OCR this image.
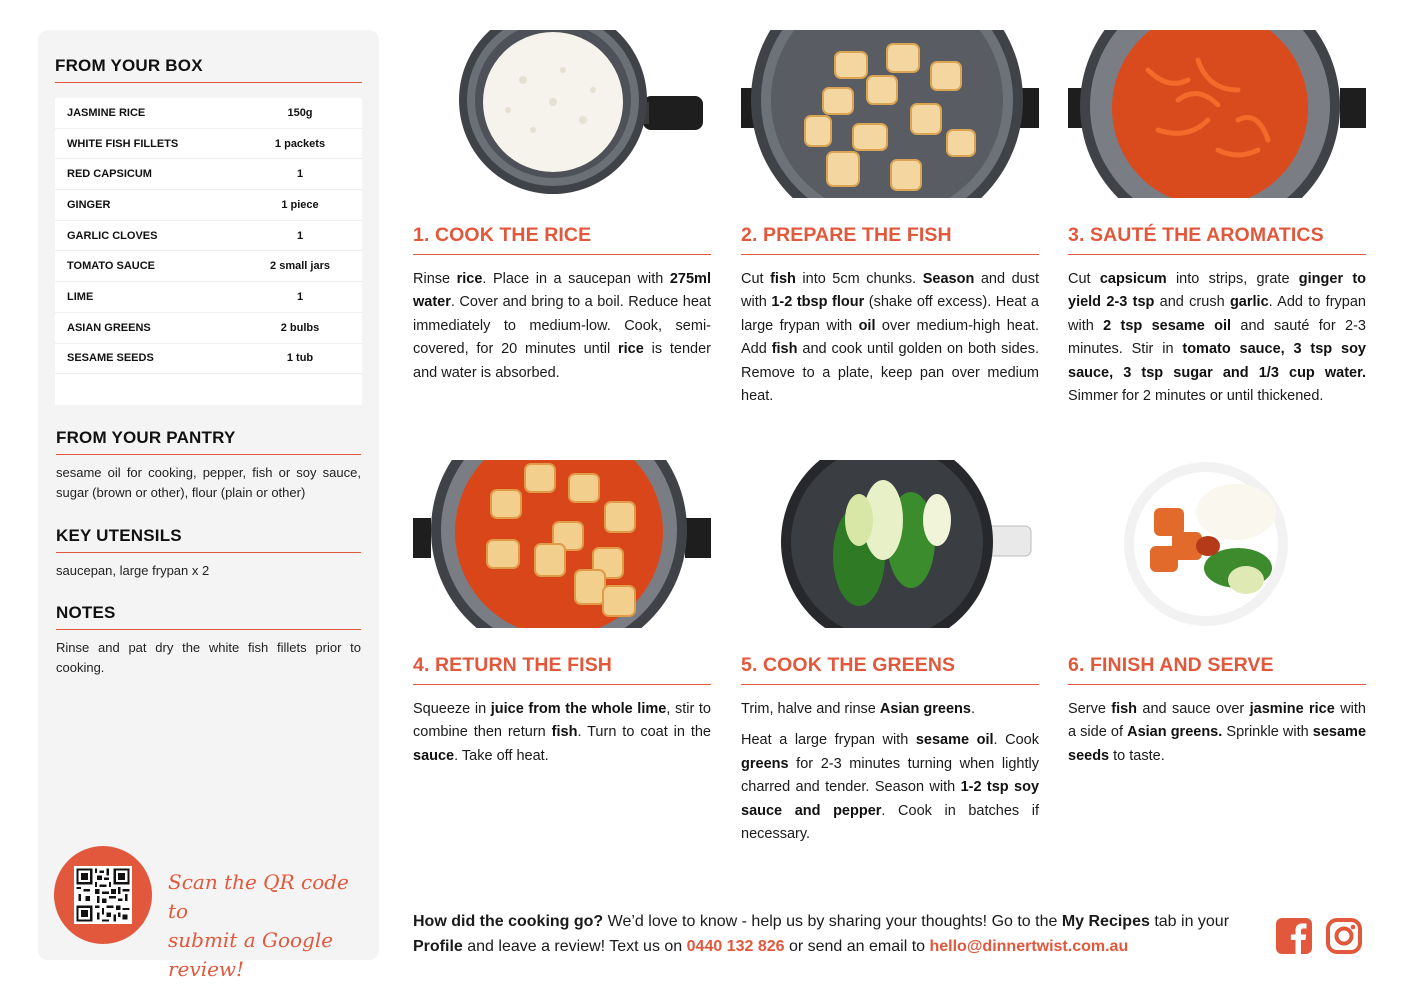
FROM YOUR BOX
JASMINE RICE	150g
WHITE FISH FILLETS	1 packets
RED CAPSICUM	1
GINGER	1 piece
GARLIC CLOVES	1
TOMATO SAUCE	2 small jars
LIME	1
ASIAN GREENS	2 bulbs
SESAME SEEDS	1 tub
FROM YOUR PANTRY
sesame oil for cooking, pepper, fish or soy sauce, sugar (brown or other), flour (plain or other)
KEY UTENSILS
saucepan, large frypan x 2
NOTES
Rinse and pat dry the white fish fillets prior to cooking.
Scan the QR code to
submit a Google review!
1. COOK THE RICE

Rinse rice. Place in a saucepan with 275ml water. Cover and bring to a boil. Reduce heat immediately to medium-low. Cook, semi-covered, for 20 minutes until rice is tender and water is absorbed.

2. PREPARE THE FISH

Cut fish into 5cm chunks. Season and dust with 1-2 tbsp flour (shake off excess). Heat a large frypan with oil over medium-high heat. Add fish and cook until golden on both sides. Remove to a plate, keep pan over medium heat.

3. SAUTÉ THE AROMATICS

Cut capsicum into strips, grate ginger to yield 2-3 tsp and crush garlic. Add to frypan with 2 tsp sesame oil and sauté for 2-3 minutes. Stir in tomato sauce, 3 tsp soy sauce, 3 tsp sugar and 1/3 cup water. Simmer for 2 minutes or until thickened.

4. RETURN THE FISH

Squeeze in juice from the whole lime, stir to combine then return fish. Turn to coat in the sauce. Take off heat.

5. COOK THE GREENS

Trim, halve and rinse Asian greens.

Heat a large frypan with sesame oil. Cook greens for 2-3 minutes turning when lightly charred and tender. Season with 1-2 tsp soy sauce and pepper. Cook in batches if necessary.

6. FINISH AND SERVE

Serve fish and sauce over jasmine rice with a side of Asian greens. Sprinkle with sesame seeds to taste.

How did the cooking go? We’d love to know - help us by sharing your thoughts! Go to the My Recipes tab in your Profile and leave a review! Text us on 0440 132 826 or send an email to hello@dinnertwist.com.au
